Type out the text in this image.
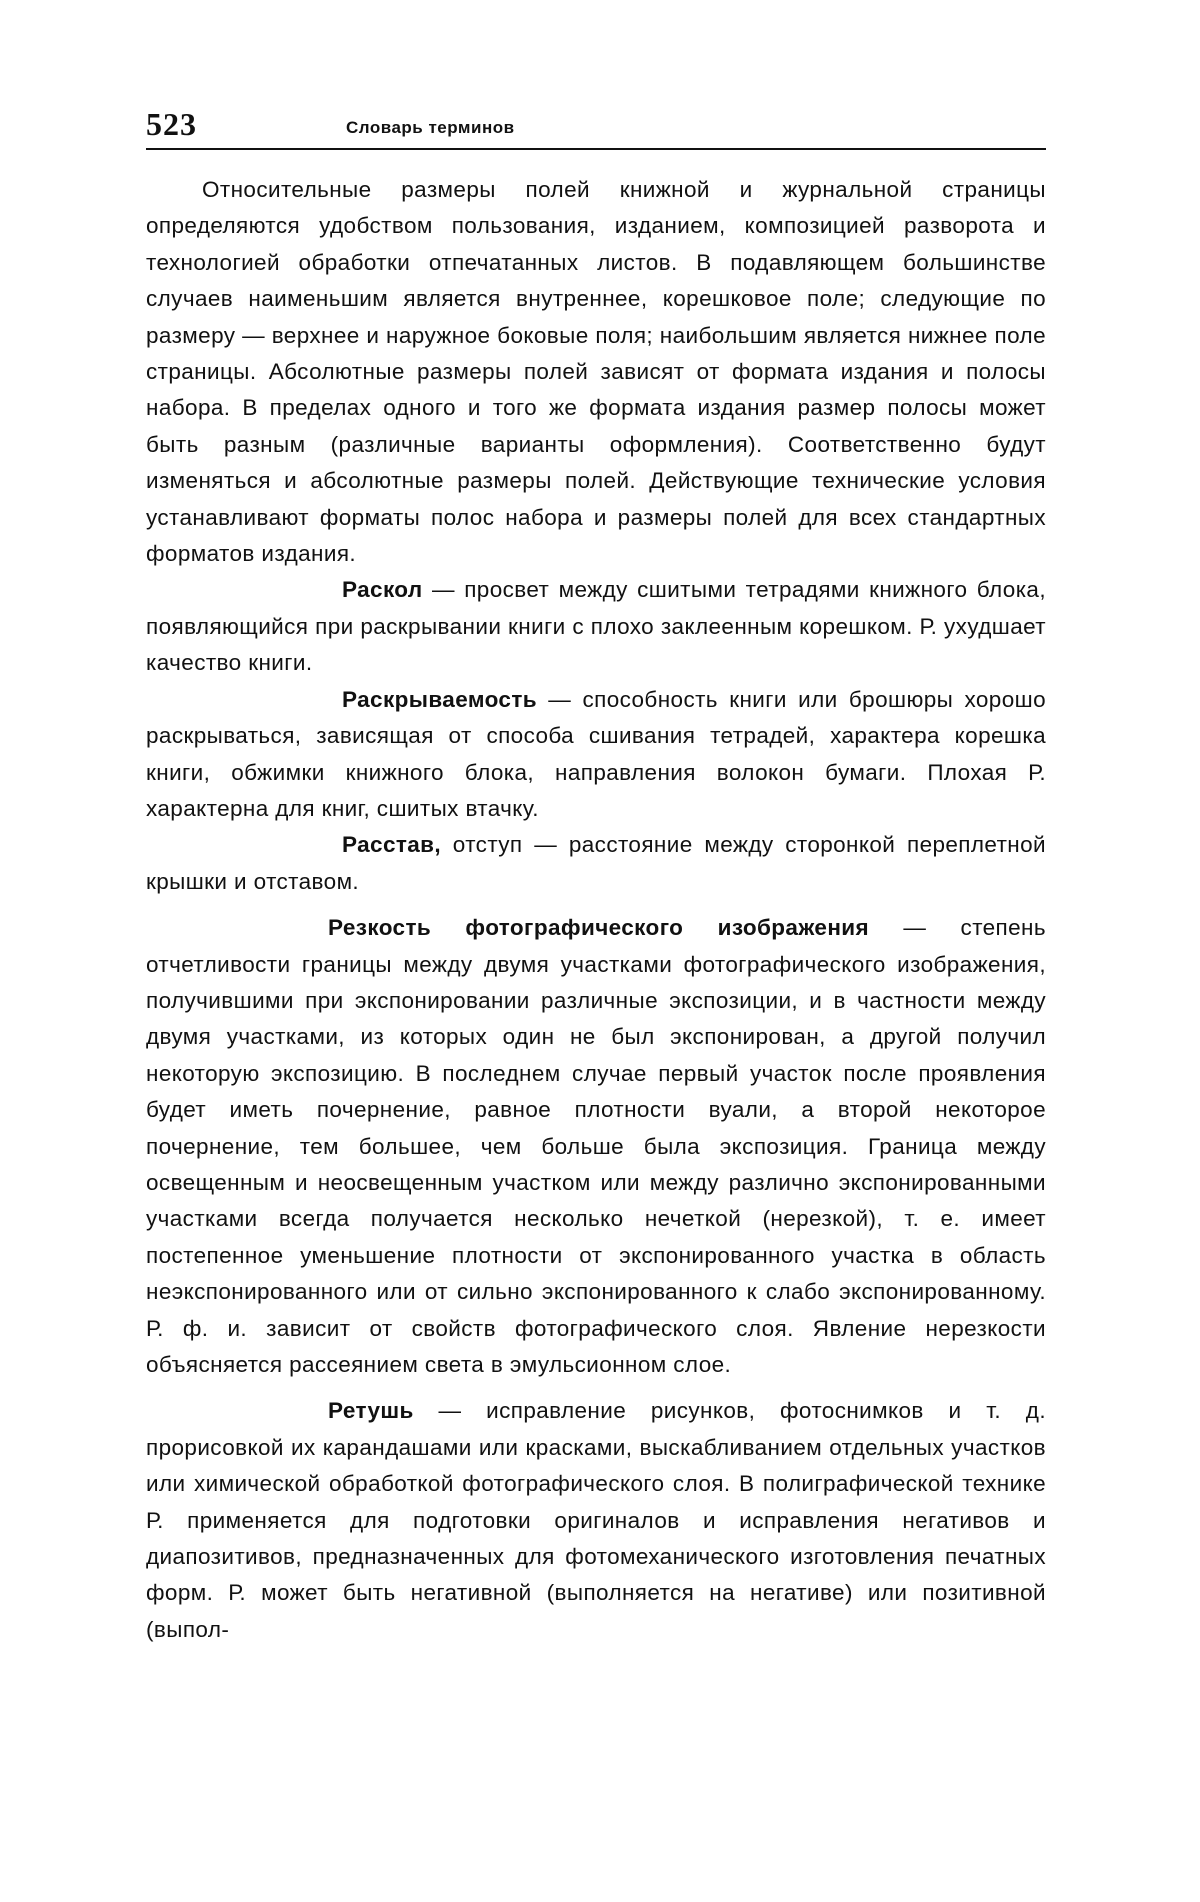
523	Словарь терминов

Относительные размеры полей книжной и журнальной страницы определяются удобством пользования, изданием, композицией разворота и технологией обработки отпечатанных листов. В подавляющем большинстве случаев наименьшим является внутреннее, корешковое поле; следующие по размеру — верхнее и наружное боковые поля; наибольшим является нижнее поле страницы. Абсолютные размеры полей зависят от формата издания и полосы набора. В пределах одного и того же формата издания размер полосы может быть разным (различные варианты оформления). Соответственно будут изменяться и абсолютные размеры полей. Действующие технические условия устанавливают форматы полос набора и размеры полей для всех стандартных форматов издания.

Раскол — просвет между сшитыми тетрадями книжного блока, появляющийся при раскрывании книги с плохо заклеенным корешком. Р. ухудшает качество книги.

Раскрываемость — способность книги или брошюры хорошо раскрываться, зависящая от способа сшивания тетрадей, характера корешка книги, обжимки книжного блока, направления волокон бумаги. Плохая Р. характерна для книг, сшитых втачку.

Расстав, отступ — расстояние между сторонкой переплетной крышки и отставом.

Резкость фотографического изображения — степень отчетливости границы между двумя участками фотографического изображения, получившими при экспонировании различные экспозиции, и в частности между двумя участками, из которых один не был экспонирован, а другой получил некоторую экспозицию. В последнем случае первый участок после проявления будет иметь почернение, равное плотности вуали, а второй некоторое почернение, тем большее, чем больше была экспозиция. Граница между освещенным и неосвещенным участком или между различно экспонированными участками всегда получается несколько нечеткой (нерезкой), т. е. имеет постепенное уменьшение плотности от экспонированного участка в область неэкспонированного или от сильно экспонированного к слабо экспонированному. Р. ф. и. зависит от свойств фотографического слоя. Явление нерезкости объясняется рассеянием света в эмульсионном слое.

Ретушь — исправление рисунков, фотоснимков и т. д. прорисовкой их карандашами или красками, выскабливанием отдельных участков или химической обработкой фотографического слоя. В полиграфической технике Р. применяется для подготовки оригиналов и исправления негативов и диапозитивов, предназначенных для фотомеханического изготовления печатных форм. Р. может быть негативной (выполняется на негативе) или позитивной (выпол-
